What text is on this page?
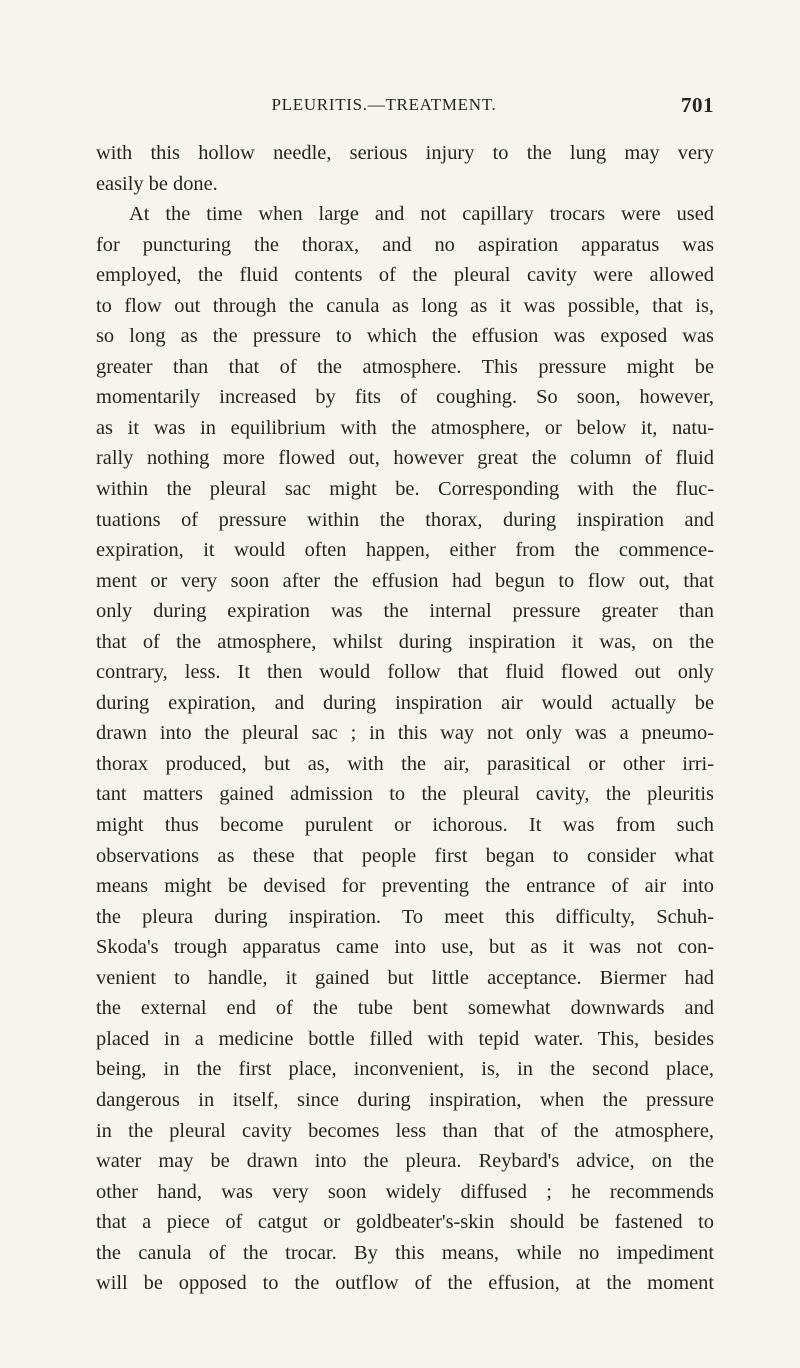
PLEURITIS.—TREATMENT.	701
with this hollow needle, serious injury to the lung may very
easily be done.
At the time when large and not capillary trocars were used
for puncturing the thorax, and no aspiration apparatus was
employed, the fluid contents of the pleural cavity were allowed
to flow out through the canula as long as it was possible, that is,
so long as the pressure to which the effusion was exposed was
greater than that of the atmosphere. This pressure might be
momentarily increased by fits of coughing. So soon, however,
as it was in equilibrium with the atmosphere, or below it, natu-
rally nothing more flowed out, however great the column of fluid
within the pleural sac might be. Corresponding with the fluc-
tuations of pressure within the thorax, during inspiration and
expiration, it would often happen, either from the commence-
ment or very soon after the effusion had begun to flow out, that
only during expiration was the internal pressure greater than
that of the atmosphere, whilst during inspiration it was, on the
contrary, less. It then would follow that fluid flowed out only
during expiration, and during inspiration air would actually be
drawn into the pleural sac ; in this way not only was a pneumo-
thorax produced, but as, with the air, parasitical or other irri-
tant matters gained admission to the pleural cavity, the pleuritis
might thus become purulent or ichorous. It was from such
observations as these that people first began to consider what
means might be devised for preventing the entrance of air into
the pleura during inspiration. To meet this difficulty, Schuh-
Skoda's trough apparatus came into use, but as it was not con-
venient to handle, it gained but little acceptance. Biermer had
the external end of the tube bent somewhat downwards and
placed in a medicine bottle filled with tepid water. This, besides
being, in the first place, inconvenient, is, in the second place,
dangerous in itself, since during inspiration, when the pressure
in the pleural cavity becomes less than that of the atmosphere,
water may be drawn into the pleura. Reybard's advice, on the
other hand, was very soon widely diffused ; he recommends
that a piece of catgut or goldbeater's-skin should be fastened to
the canula of the trocar. By this means, while no impediment
will be opposed to the outflow of the effusion, at the moment
